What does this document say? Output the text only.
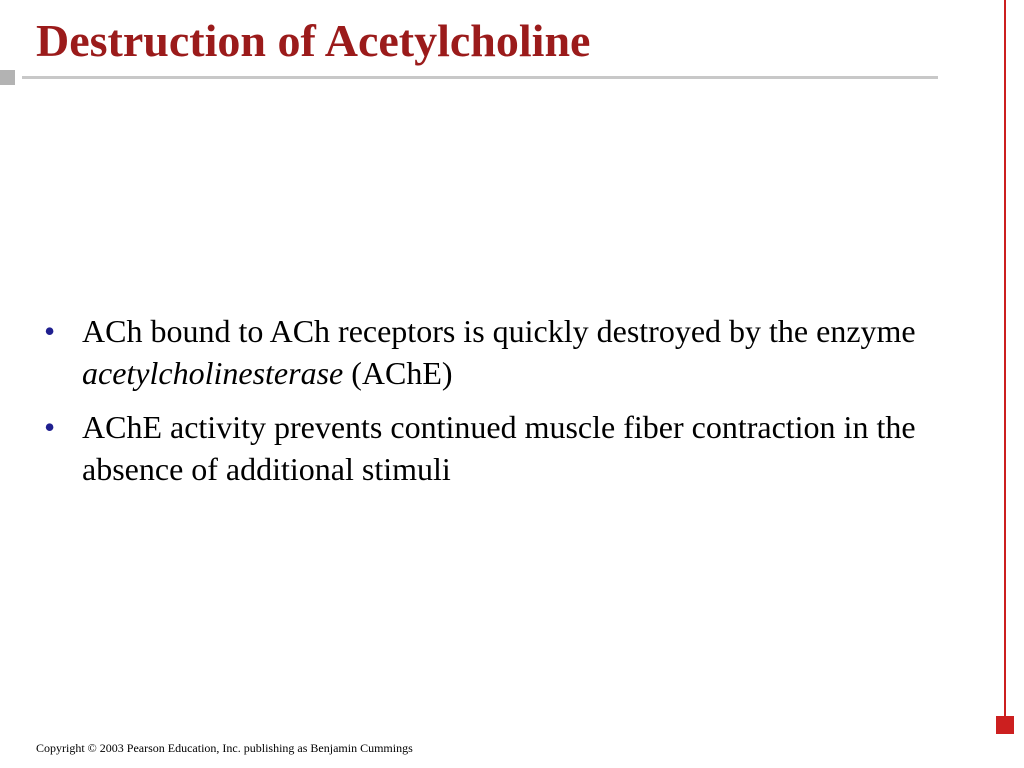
Destruction of Acetylcholine
• ACh bound to ACh receptors is quickly destroyed by the enzyme acetylcholinesterase (AChE)
• AChE activity prevents continued muscle fiber contraction in the absence of additional stimuli
Copyright © 2003 Pearson Education, Inc. publishing as Benjamin Cummings
